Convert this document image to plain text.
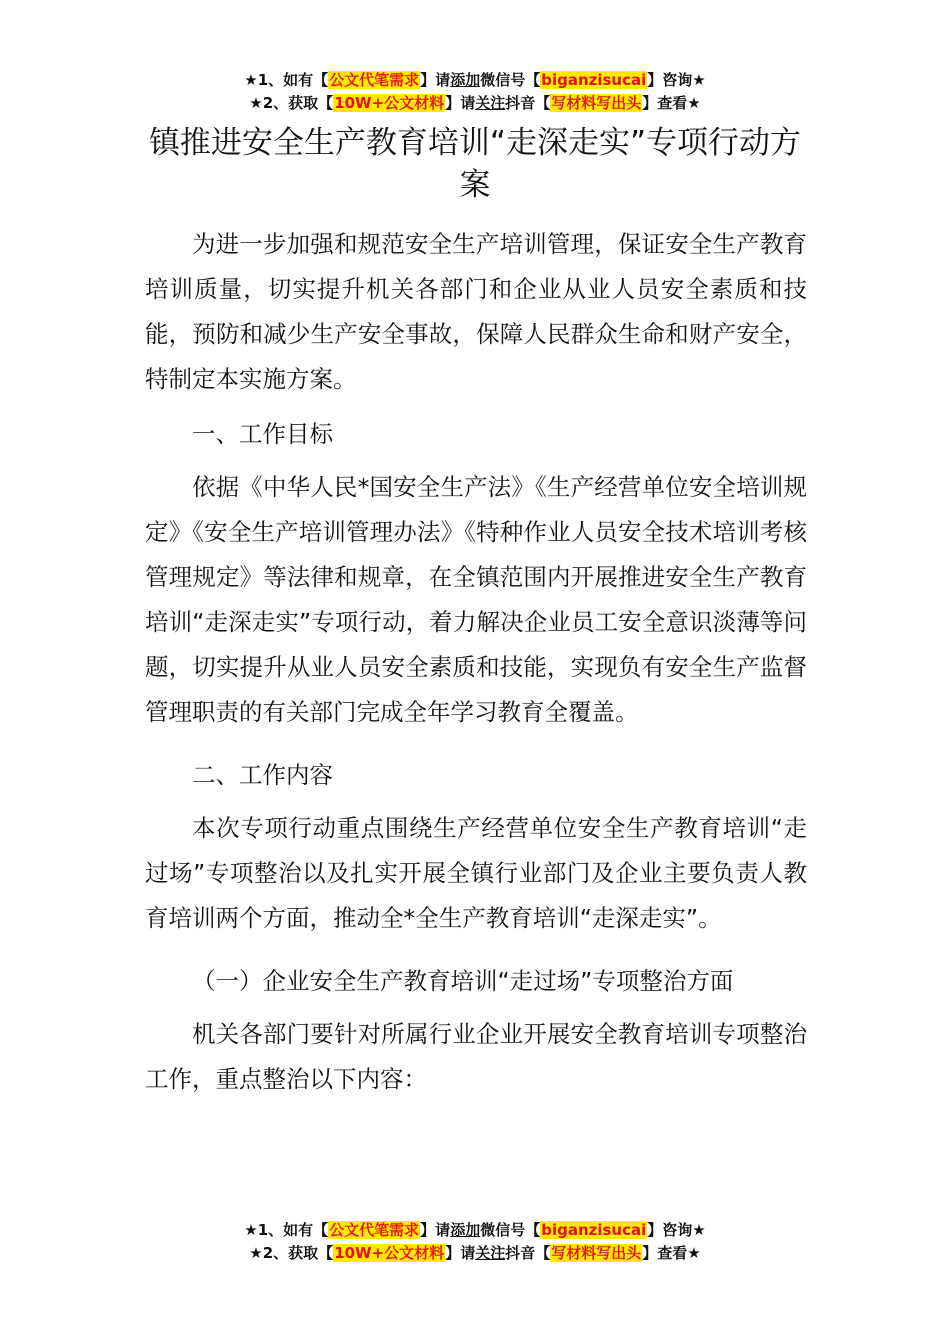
★1、如有【公文代笔需求】请添加微信号【biganzisucai】咨询★
★2、获取【10W+公文材料】请关注抖音【写材料写出头】查看★
镇推进安全生产教育培训“走深走实”专项行动方案

为进一步加强和规范安全生产培训管理，保证安全生产教育培训质量，切实提升机关各部门和企业从业人员安全素质和技能，预防和减少生产安全事故，保障人民群众生命和财产安全，特制定本实施方案。

一、工作目标

依据《中华人民*国安全生产法》《生产经营单位安全培训规定》《安全生产培训管理办法》《特种作业人员安全技术培训考核管理规定》等法律和规章，在全镇范围内开展推进安全生产教育培训“走深走实”专项行动，着力解决企业员工安全意识淡薄等问题，切实提升从业人员安全素质和技能，实现负有安全生产监督管理职责的有关部门完成全年学习教育全覆盖。

二、工作内容

本次专项行动重点围绕生产经营单位安全生产教育培训“走过场”专项整治以及扎实开展全镇行业部门及企业主要负责人教育培训两个方面，推动全*全生产教育培训“走深走实”。

（一）企业安全生产教育培训“走过场”专项整治方面

机关各部门要针对所属行业企业开展安全教育培训专项整治工作，重点整治以下内容：

★1、如有【公文代笔需求】请添加微信号【biganzisucai】咨询★
★2、获取【10W+公文材料】请关注抖音【写材料写出头】查看★
